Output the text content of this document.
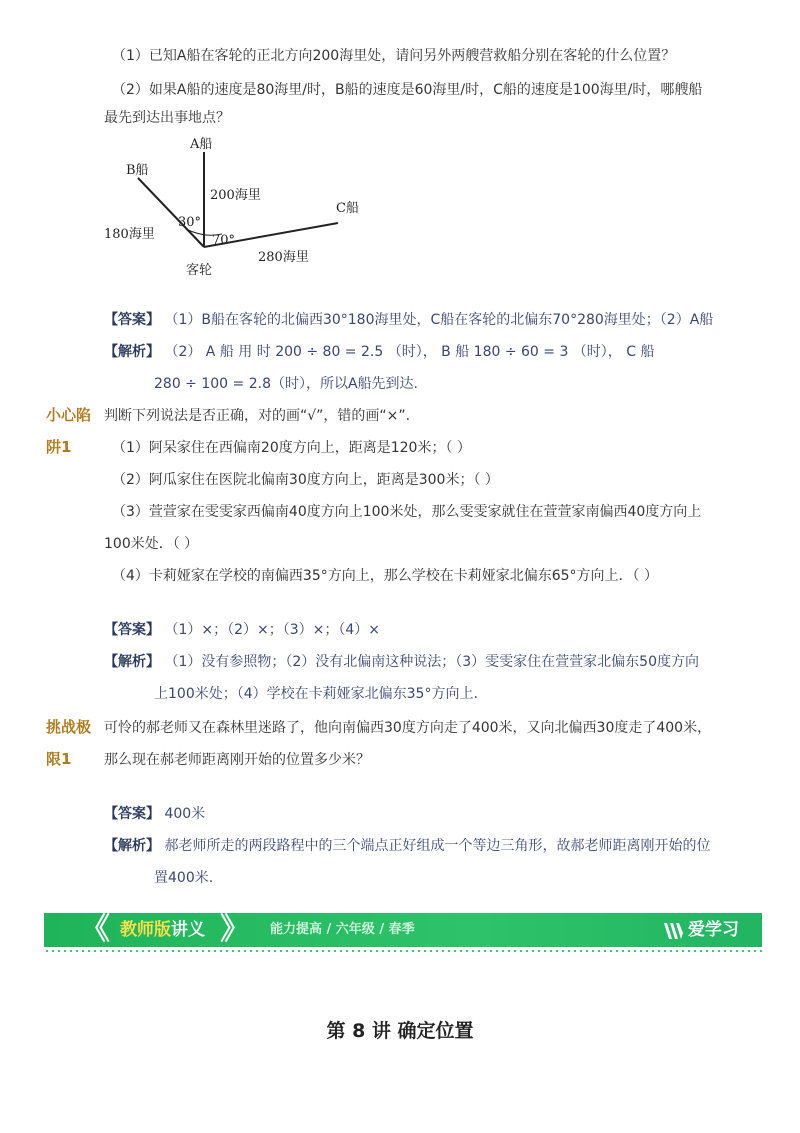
（1）已知A船在客轮的正北方向200海里处，请问另外两艘营救船分别在客轮的什么位置？
（2）如果A船的速度是80海里/时，B船的速度是60海里/时，C船的速度是100海里/时，哪艘船
最先到达出事地点？
A船
B船
C船
客轮
200海里
180海里
280海里
30°
70°
【答案】 （1）B船在客轮的北偏西30°180海里处，C船在客轮的北偏东70°280海里处；（2）A船
【解析】 （2） A 船 用 时 200 ÷ 80 = 2.5 （时）， B 船 180 ÷ 60 = 3 （时）， C 船
280 ÷ 100 = 2.8（时），所以A船先到达.
小心陷
阱1
判断下列说法是否正确，对的画“√”，错的画“×”.
（1）阿呆家住在西偏南20度方向上，距离是120米；（ ）
（2）阿瓜家住在医院北偏南30度方向上，距离是300米；（ ）
（3）萱萱家在雯雯家西偏南40度方向上100米处，那么雯雯家就住在萱萱家南偏西40度方向上
100米处．（ ）
（4）卡莉娅家在学校的南偏西35°方向上，那么学校在卡莉娅家北偏东65°方向上．（ ）
【答案】 （1）×；（2）×；（3）×；（4）×
【解析】 （1）没有参照物；（2）没有北偏南这种说法；（3）雯雯家住在萱萱家北偏东50度方向
上100米处；（4）学校在卡莉娅家北偏东35°方向上.
挑战极
限1
可怜的郝老师又在森林里迷路了，他向南偏西30度方向走了400米，又向北偏西30度走了400米，
那么现在郝老师距离刚开始的位置多少米？
【答案】 400米
【解析】 郝老师所走的两段路程中的三个端点正好组成一个等边三角形，故郝老师距离刚开始的位
置400米.
《 教师版讲义 》 能力提高 / 六年级 / 春季	爱学习
第 8 讲 确定位置
